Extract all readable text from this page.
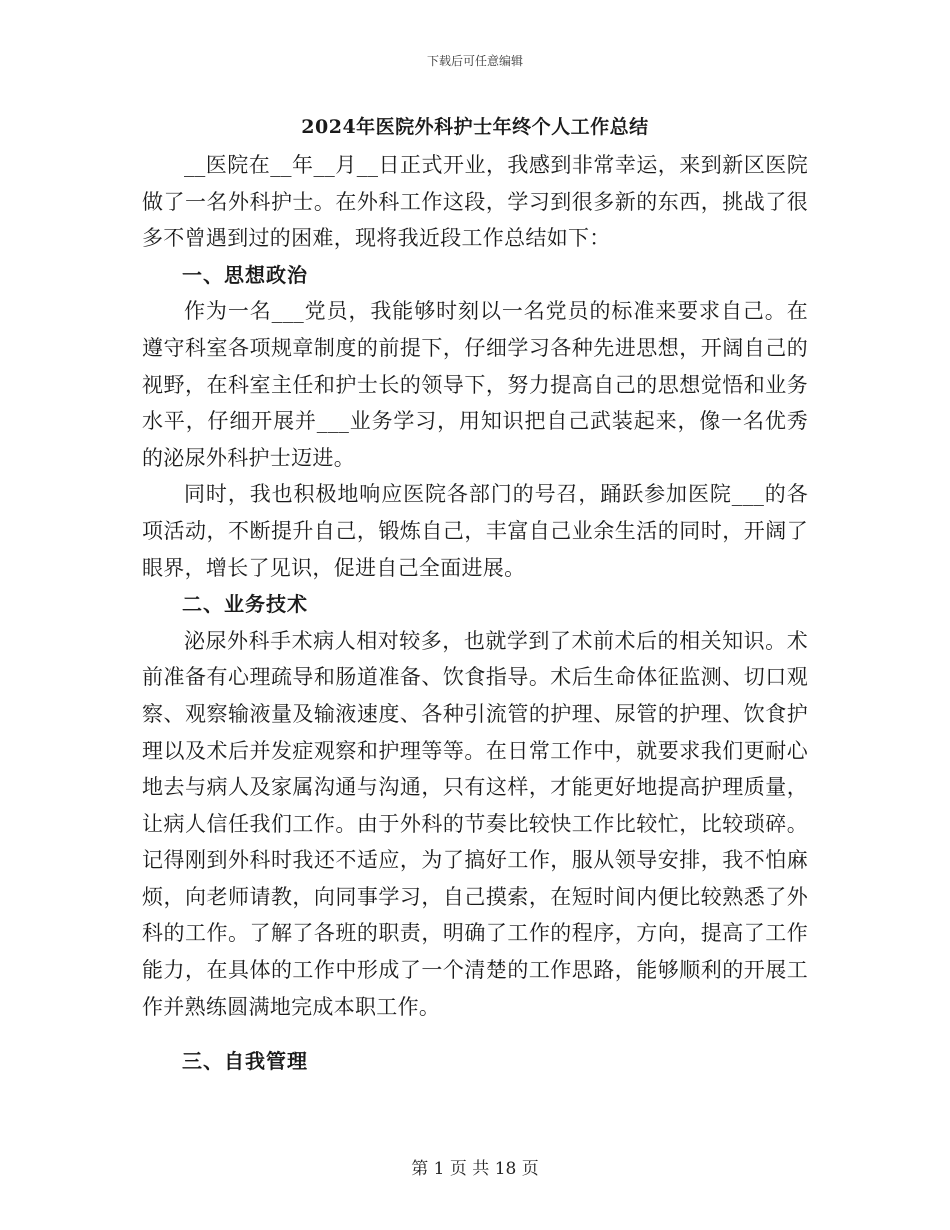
下载后可任意编辑
2024年医院外科护士年终个人工作总结

__医院在__年__月__日正式开业，我感到非常幸运，来到新区医院做了一名外科护士。在外科工作这段，学习到很多新的东西，挑战了很多不曾遇到过的困难，现将我近段工作总结如下：

一、思想政治

作为一名___党员，我能够时刻以一名党员的标准来要求自己。在遵守科室各项规章制度的前提下，仔细学习各种先进思想，开阔自己的视野，在科室主任和护士长的领导下，努力提高自己的思想觉悟和业务水平，仔细开展并___业务学习，用知识把自己武装起来，像一名优秀的泌尿外科护士迈进。

同时，我也积极地响应医院各部门的号召，踊跃参加医院___的各项活动，不断提升自己，锻炼自己，丰富自己业余生活的同时，开阔了眼界，增长了见识，促进自己全面进展。

二、业务技术

泌尿外科手术病人相对较多，也就学到了术前术后的相关知识。术前准备有心理疏导和肠道准备、饮食指导。术后生命体征监测、切口观察、观察输液量及输液速度、各种引流管的护理、尿管的护理、饮食护理以及术后并发症观察和护理等等。在日常工作中，就要求我们更耐心地去与病人及家属沟通与沟通，只有这样，才能更好地提高护理质量，让病人信任我们工作。由于外科的节奏比较快工作比较忙，比较琐碎。记得刚到外科时我还不适应，为了搞好工作，服从领导安排，我不怕麻烦，向老师请教，向同事学习，自己摸索，在短时间内便比较熟悉了外科的工作。了解了各班的职责，明确了工作的程序，方向，提高了工作能力，在具体的工作中形成了一个清楚的工作思路，能够顺利的开展工作并熟练圆满地完成本职工作。

三、自我管理

第 1 页 共 18 页
